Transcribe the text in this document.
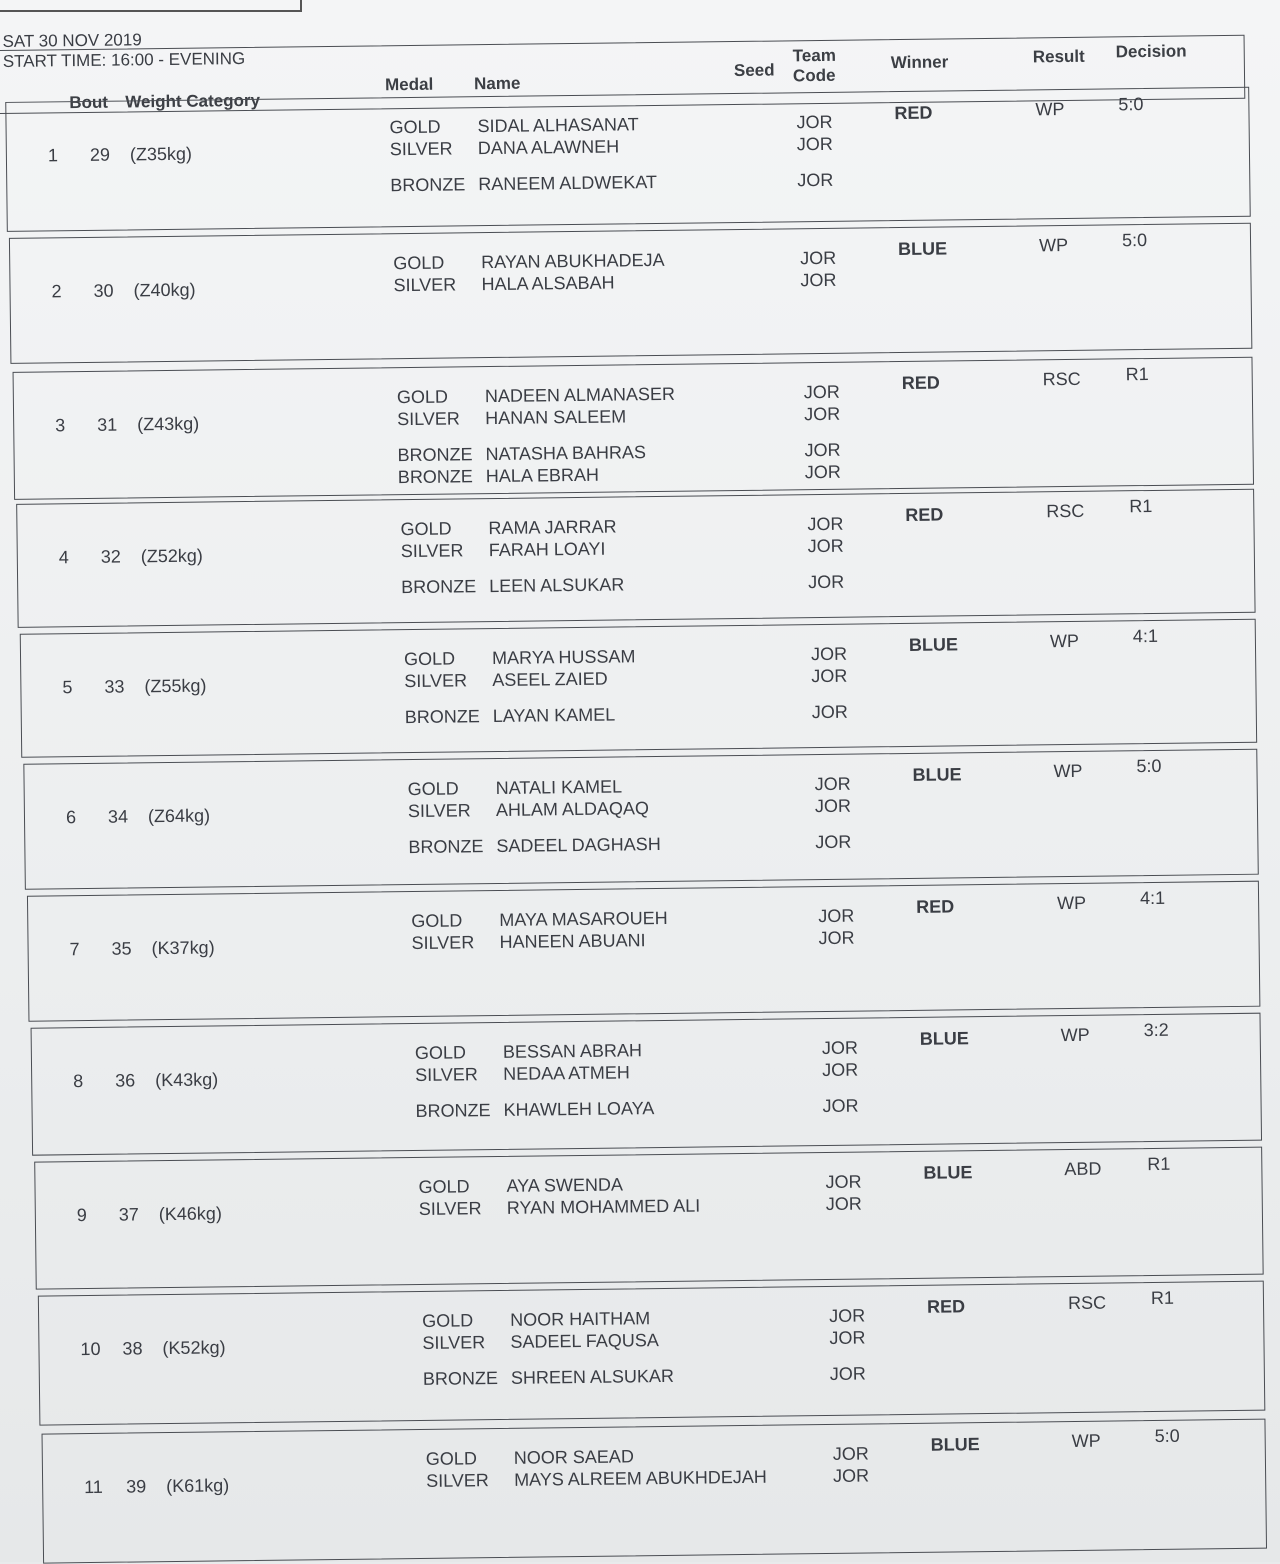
SAT 30 NOV 2019
START TIME: 16:00 - EVENING
Bout Weight Category
Medal Name
Seed
Team
Code
Winner	Result Decision
1 29 (Z35kg)
GOLD SIDAL ALHASANAT	JOR
SILVER DANA ALAWNEH	JOR
BRONZE RANEEM ALDWEKAT	JOR
RED	WP	5:0
2 30 (Z40kg)
GOLD RAYAN ABUKHADEJA	JOR
SILVER HALA ALSABAH	JOR
BLUE	WP	5:0
3 31 (Z43kg)
GOLD NADEEN ALMANASER	JOR
SILVER HANAN SALEEM	JOR
BRONZE NATASHA BAHRAS	JOR
BRONZE HALA EBRAH	JOR
RED	RSC R1
4 32 (Z52kg)
GOLD RAMA JARRAR	JOR
SILVER FARAH LOAYI	JOR
BRONZE LEEN ALSUKAR	JOR
RED	RSC R1
5 33 (Z55kg)
GOLD MARYA HUSSAM	JOR
SILVER ASEEL ZAIED	JOR
BRONZE LAYAN KAMEL	JOR
BLUE	WP	4:1
6 34 (Z64kg)
GOLD NATALI KAMEL	JOR
SILVER AHLAM ALDAQAQ	JOR
BRONZE SADEEL DAGHASH	JOR
BLUE	WP	5:0
7 35 (K37kg)
GOLD MAYA MASAROUEH	JOR
SILVER HANEEN ABUANI	JOR
RED	WP	4:1
8 36 (K43kg)
GOLD BESSAN ABRAH	JOR
SILVER NEDAA ATMEH	JOR
BRONZE KHAWLEH LOAYA	JOR
BLUE	WP	3:2
9 37 (K46kg)
GOLD AYA SWENDA	JOR
SILVER RYAN MOHAMMED ALI	JOR
BLUE	ABD	R1
10 38 (K52kg)
GOLD NOOR HAITHAM	JOR
SILVER SADEEL FAQUSA	JOR
BRONZE SHREEN ALSUKAR	JOR
RED	RSC R1
11 39 (K61kg)
GOLD NOOR SAEAD	JOR
SILVER MAYS ALREEM ABUKHDEJAH	JOR
BLUE	WP	5:0
